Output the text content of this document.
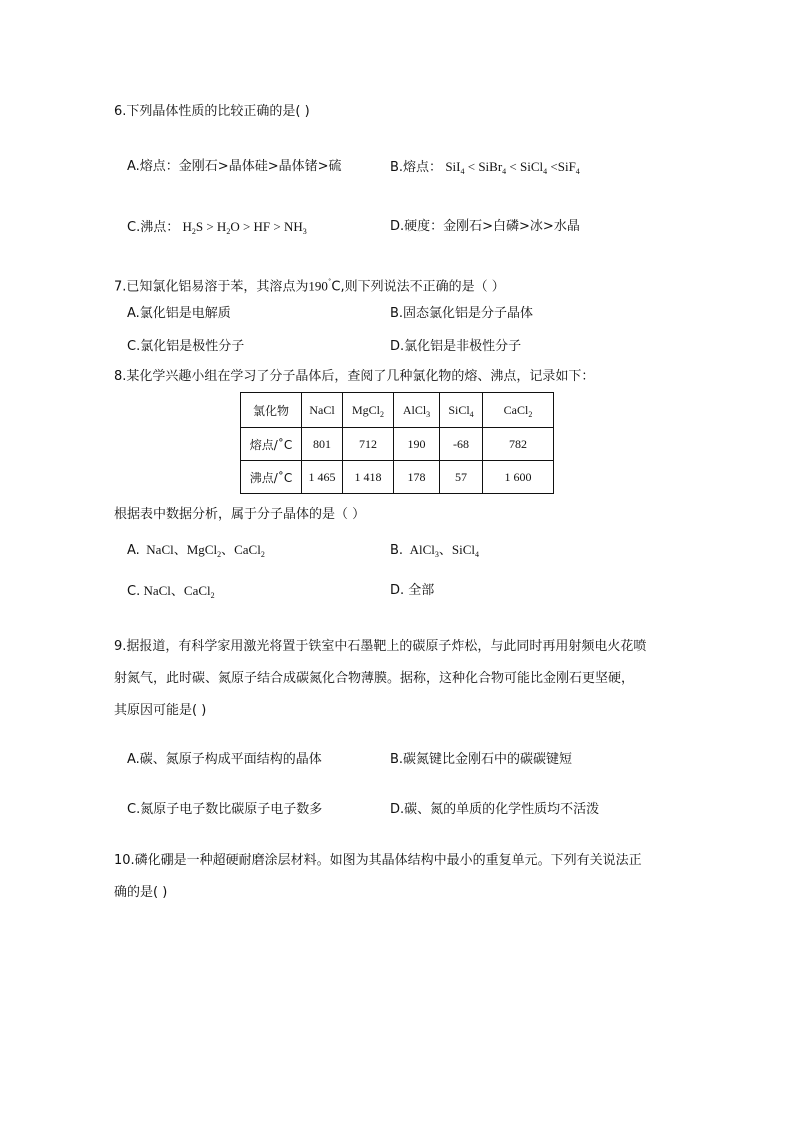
6.下列晶体性质的比较正确的是( )
A.熔点：金刚石>晶体硅>晶体锗>硫	B.熔点： SiI$_4$ < SiBr$_4$ < SiCl$_4$ <SiF$_4$
C.沸点： $H_2S > H_2O$ > HF > $NH_3$	D.硬度：金刚石>白磷>冰>水晶
7.已知氯化铝易溶于苯，其溶点为190˚C,则下列说法不正确的是（ ）
A.氯化铝是电解质	B.固态氯化铝是分子晶体
C.氯化铝是极性分子	D.氯化铝是非极性分子
8.某化学兴趣小组在学习了分子晶体后，查阅了几种氯化物的熔、沸点，记录如下：
氯化物	NaCl	MgCl$_2$	AlCl$_3$	SiCl$_4$	CaCl$_2$
熔点/˚C	801	712	190	-68	782
沸点/˚C	1 465	1 418	178	57	1 600
根据表中数据分析，属于分子晶体的是（ ）
A.  NaCl、MgCl$_2$、CaCl$_2$	B.  AlCl$_3$、SiCl$_4$
C. NaCl、CaCl$_2$	D. 全部
9.据报道，有科学家用激光将置于铁室中石墨靶上的碳原子炸松，与此同时再用射频电火花喷
射氮气，此时碳、氮原子结合成碳氮化合物薄膜。据称，这种化合物可能比金刚石更坚硬，
其原因可能是( )
A.碳、氮原子构成平面结构的晶体	B.碳氮键比金刚石中的碳碳键短
C.氮原子电子数比碳原子电子数多	D.碳、氮的单质的化学性质均不活泼
10.磷化硼是一种超硬耐磨涂层材料。如图为其晶体结构中最小的重复单元。下列有关说法正
确的是( )
